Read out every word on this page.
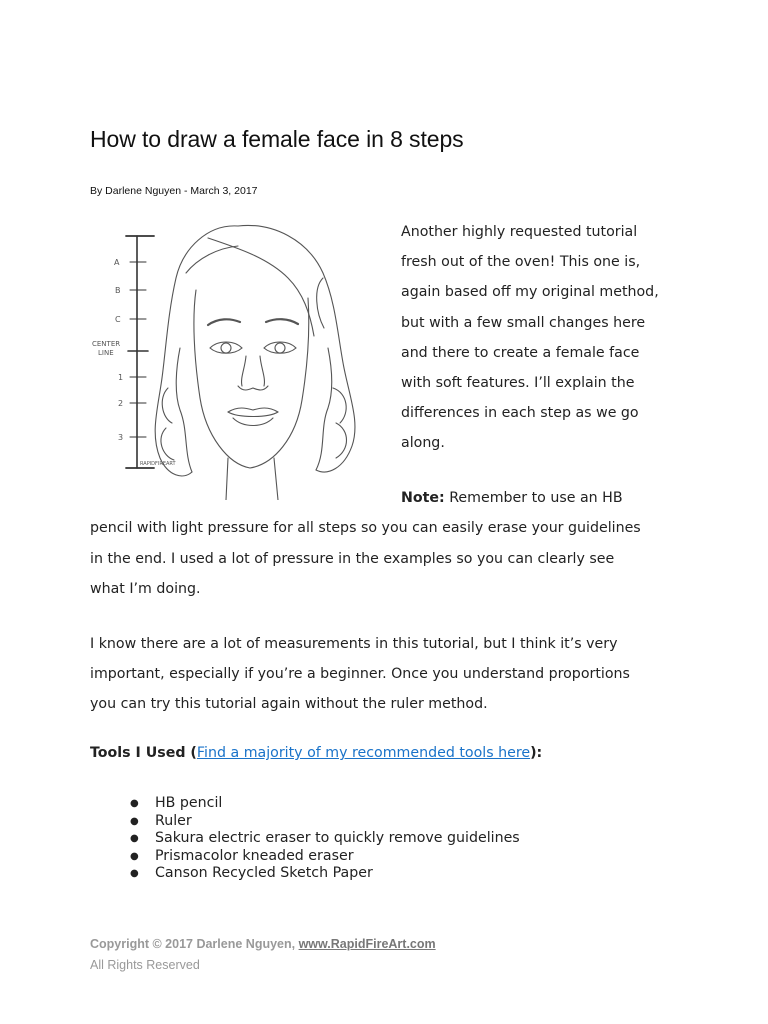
How to draw a female face in 8 steps
By Darlene Nguyen - March 3, 2017
A
B
C
CENTER
LINE
1
2
3
RAPIDFIREART

Another highly requested tutorial
fresh out of the oven! This one is,
again based off my original method,
but with a few small changes here
and there to create a female face
with soft features. I’ll explain the
differences in each step as we go
along.

Note: Remember to use an HB
pencil with light pressure for all steps so you can easily erase your guidelines
in the end. I used a lot of pressure in the examples so you can clearly see
what I’m doing.

I know there are a lot of measurements in this tutorial, but I think it’s very
important, especially if you’re a beginner. Once you understand proportions
you can try this tutorial again without the ruler method.

Tools I Used (Find a majority of my recommended tools here):

● HB pencil
● Ruler
● Sakura electric eraser to quickly remove guidelines
● Prismacolor kneaded eraser
● Canson Recycled Sketch Paper
Copyright © 2017 Darlene Nguyen, www.RapidFireArt.com
All Rights Reserved
